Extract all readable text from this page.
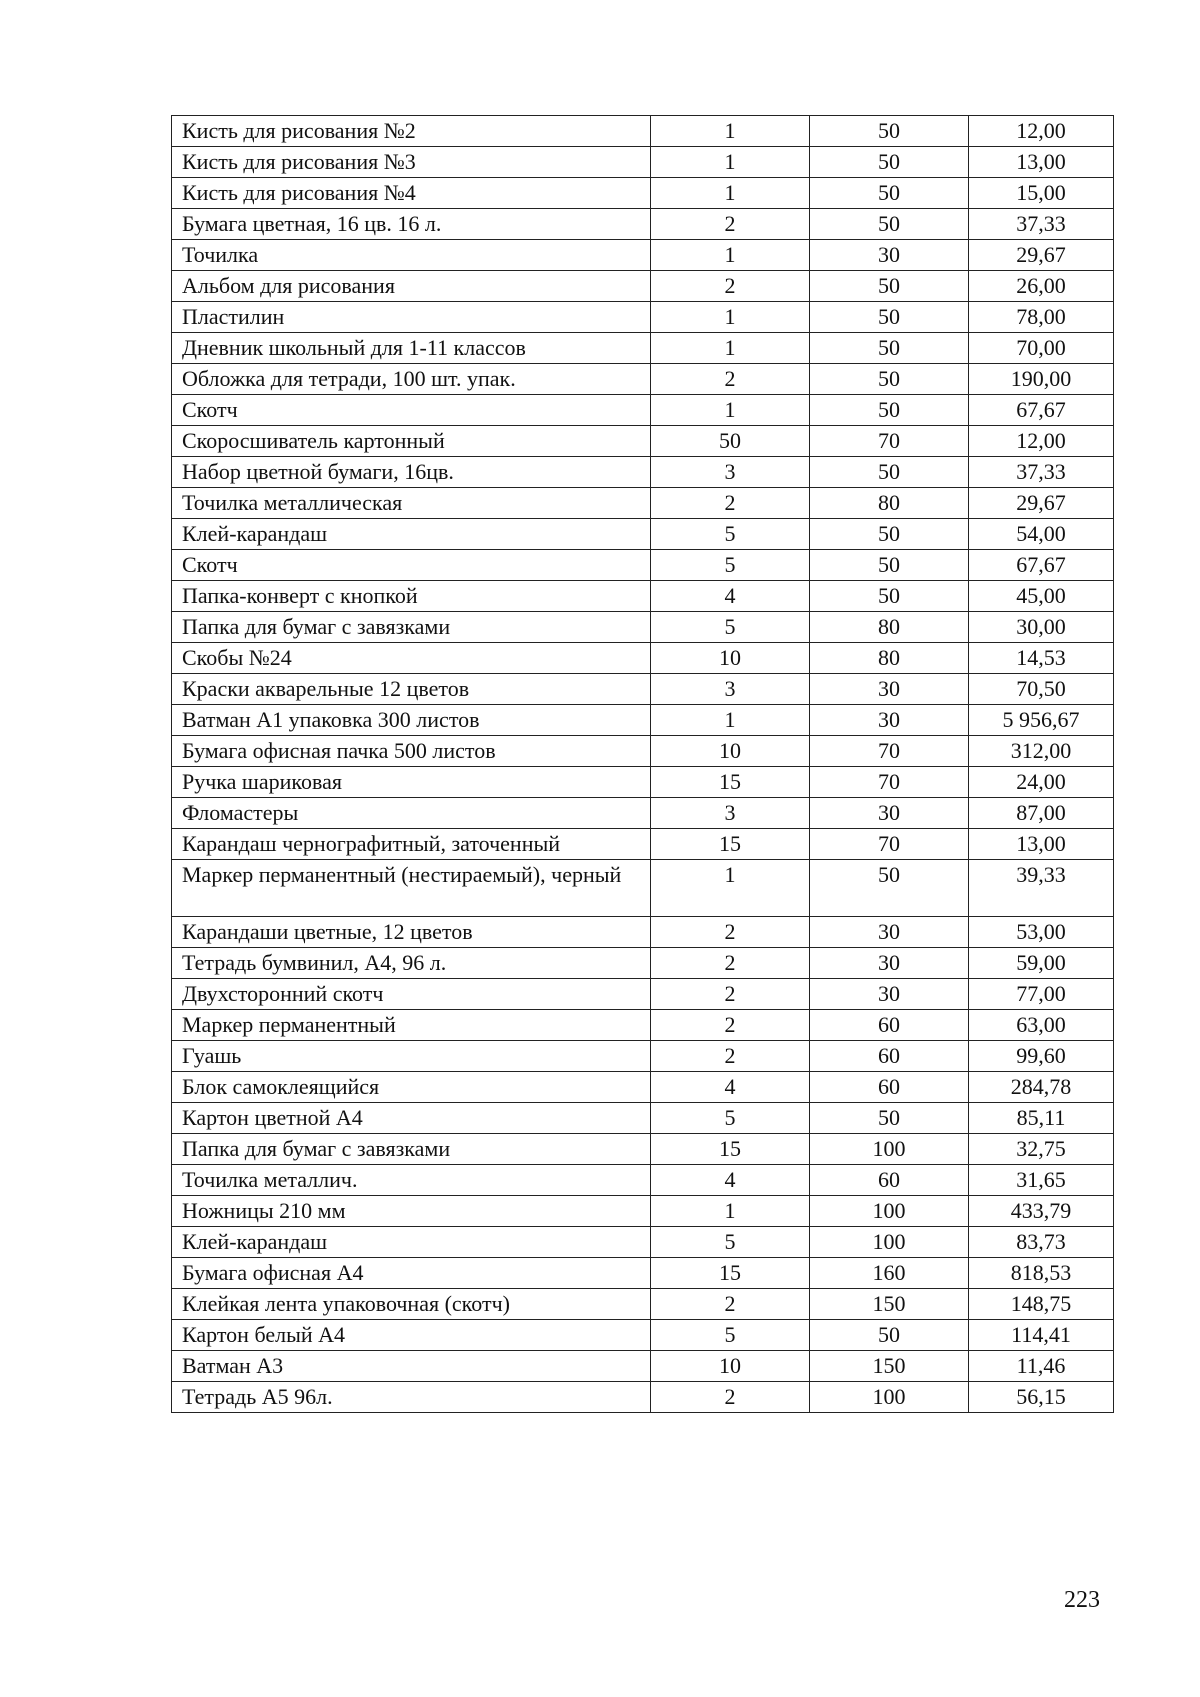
Кисть для рисования №2	1	50	12,00
Кисть для рисования №3	1	50	13,00
Кисть для рисования №4	1	50	15,00
Бумага цветная, 16 цв. 16 л.	2	50	37,33
Точилка	1	30	29,67
Альбом для рисования	2	50	26,00
Пластилин	1	50	78,00
Дневник школьный для 1-11 классов	1	50	70,00
Обложка для тетради, 100 шт. упак.	2	50	190,00
Скотч	1	50	67,67
Скоросшиватель картонный	50	70	12,00
Набор цветной бумаги, 16цв.	3	50	37,33
Точилка металлическая	2	80	29,67
Клей-карандаш	5	50	54,00
Скотч	5	50	67,67
Папка-конверт с кнопкой	4	50	45,00
Папка для бумаг с завязками	5	80	30,00
Скобы №24	10	80	14,53
Краски акварельные 12 цветов	3	30	70,50
Ватман А1 упаковка 300 листов	1	30	5 956,67
Бумага офисная пачка 500 листов	10	70	312,00
Ручка шариковая	15	70	24,00
Фломастеры	3	30	87,00
Карандаш чернографитный, заточенный	15	70	13,00
Маркер перманентный (нестираемый), черный	1	50	39,33
Карандаши цветные, 12 цветов	2	30	53,00
Тетрадь бумвинил, А4, 96 л.	2	30	59,00
Двухсторонний скотч	2	30	77,00
Маркер перманентный	2	60	63,00
Гуашь	2	60	99,60
Блок самоклеящийся	4	60	284,78
Картон цветной А4	5	50	85,11
Папка для бумаг с завязками	15	100	32,75
Точилка металлич.	4	60	31,65
Ножницы 210 мм	1	100	433,79
Клей-карандаш	5	100	83,73
Бумага офисная А4	15	160	818,53
Клейкая лента упаковочная (скотч)	2	150	148,75
Картон белый А4	5	50	114,41
Ватман А3	10	150	11,46
Тетрадь А5 96л.	2	100	56,15
223
